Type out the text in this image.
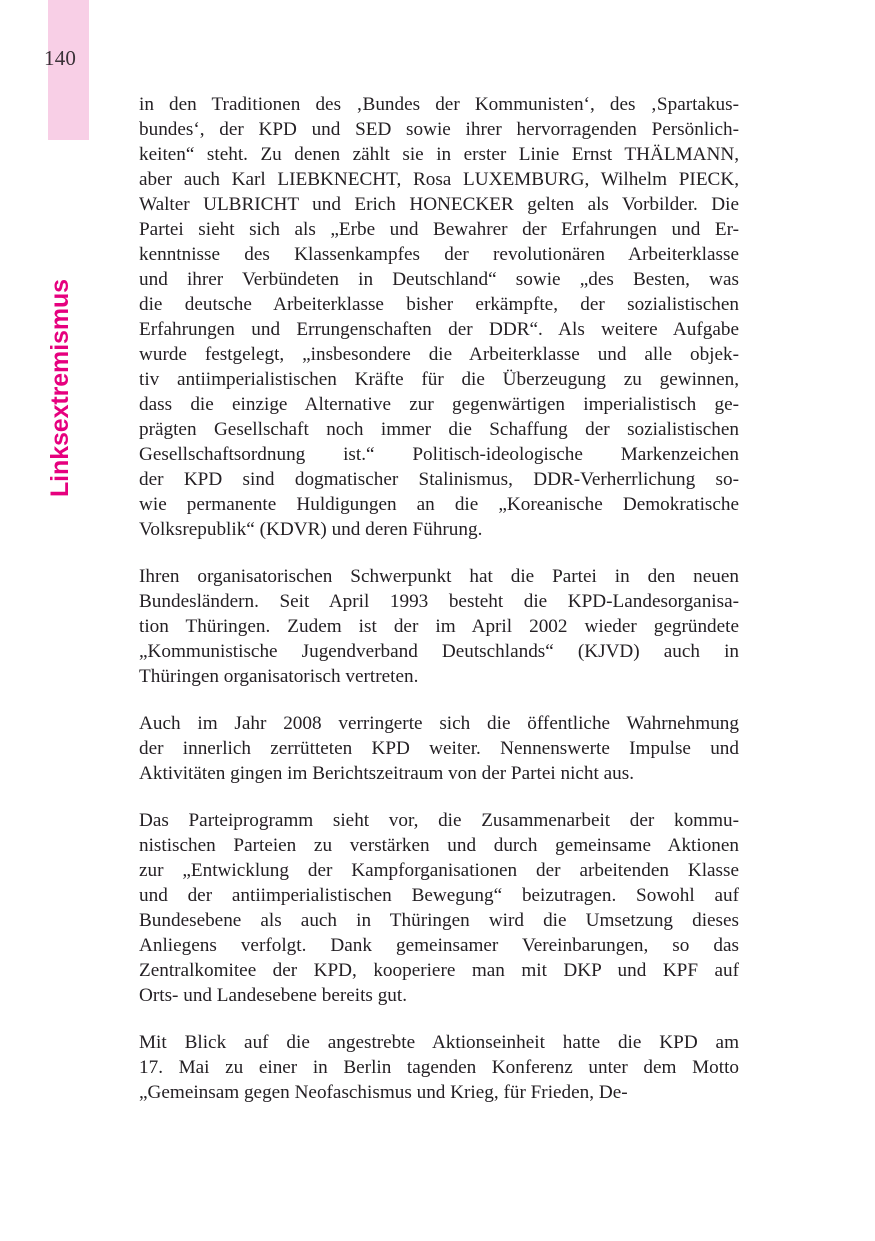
140
Linksextremismus

in den Traditionen des ‚Bundes der Kommunisten‘, des ‚Spartakus-
bundes‘, der KPD und SED sowie ihrer hervorragenden Persönlich-
keiten“ steht. Zu denen zählt sie in erster Linie Ernst THÄLMANN,
aber auch Karl LIEBKNECHT, Rosa LUXEMBURG, Wilhelm PIECK,
Walter ULBRICHT und Erich HONECKER gelten als Vorbilder. Die
Partei sieht sich als „Erbe und Bewahrer der Erfahrungen und Er-
kenntnisse des Klassenkampfes der revolutionären Arbeiterklasse
und ihrer Verbündeten in Deutschland“ sowie „des Besten, was
die deutsche Arbeiterklasse bisher erkämpfte, der sozialistischen
Erfahrungen und Errungenschaften der DDR“. Als weitere Aufgabe
wurde festgelegt, „insbesondere die Arbeiterklasse und alle objek-
tiv antiimperialistischen Kräfte für die Überzeugung zu gewinnen,
dass die einzige Alternative zur gegenwärtigen imperialistisch ge-
prägten Gesellschaft noch immer die Schaffung der sozialistischen
Gesellschaftsordnung ist.“ Politisch-ideologische Markenzeichen
der KPD sind dogmatischer Stalinismus, DDR-Verherrlichung so-
wie permanente Huldigungen an die „Koreanische Demokratische
Volksrepublik“ (KDVR) und deren Führung.

Ihren organisatorischen Schwerpunkt hat die Partei in den neuen
Bundesländern. Seit April 1993 besteht die KPD-Landesorganisa-
tion Thüringen. Zudem ist der im April 2002 wieder gegründete
„Kommunistische Jugendverband Deutschlands“ (KJVD) auch in
Thüringen organisatorisch vertreten.

Auch im Jahr 2008 verringerte sich die öffentliche Wahrnehmung
der innerlich zerrütteten KPD weiter. Nennenswerte Impulse und
Aktivitäten gingen im Berichtszeitraum von der Partei nicht aus.

Das Parteiprogramm sieht vor, die Zusammenarbeit der kommu-
nistischen Parteien zu verstärken und durch gemeinsame Aktionen
zur „Entwicklung der Kampforganisationen der arbeitenden Klasse
und der antiimperialistischen Bewegung“ beizutragen. Sowohl auf
Bundesebene als auch in Thüringen wird die Umsetzung dieses
Anliegens verfolgt. Dank gemeinsamer Vereinbarungen, so das
Zentralkomitee der KPD, kooperiere man mit DKP und KPF auf
Orts- und Landesebene bereits gut.

Mit Blick auf die angestrebte Aktionseinheit hatte die KPD am
17. Mai zu einer in Berlin tagenden Konferenz unter dem Motto
„Gemeinsam gegen Neofaschismus und Krieg, für Frieden, De-
